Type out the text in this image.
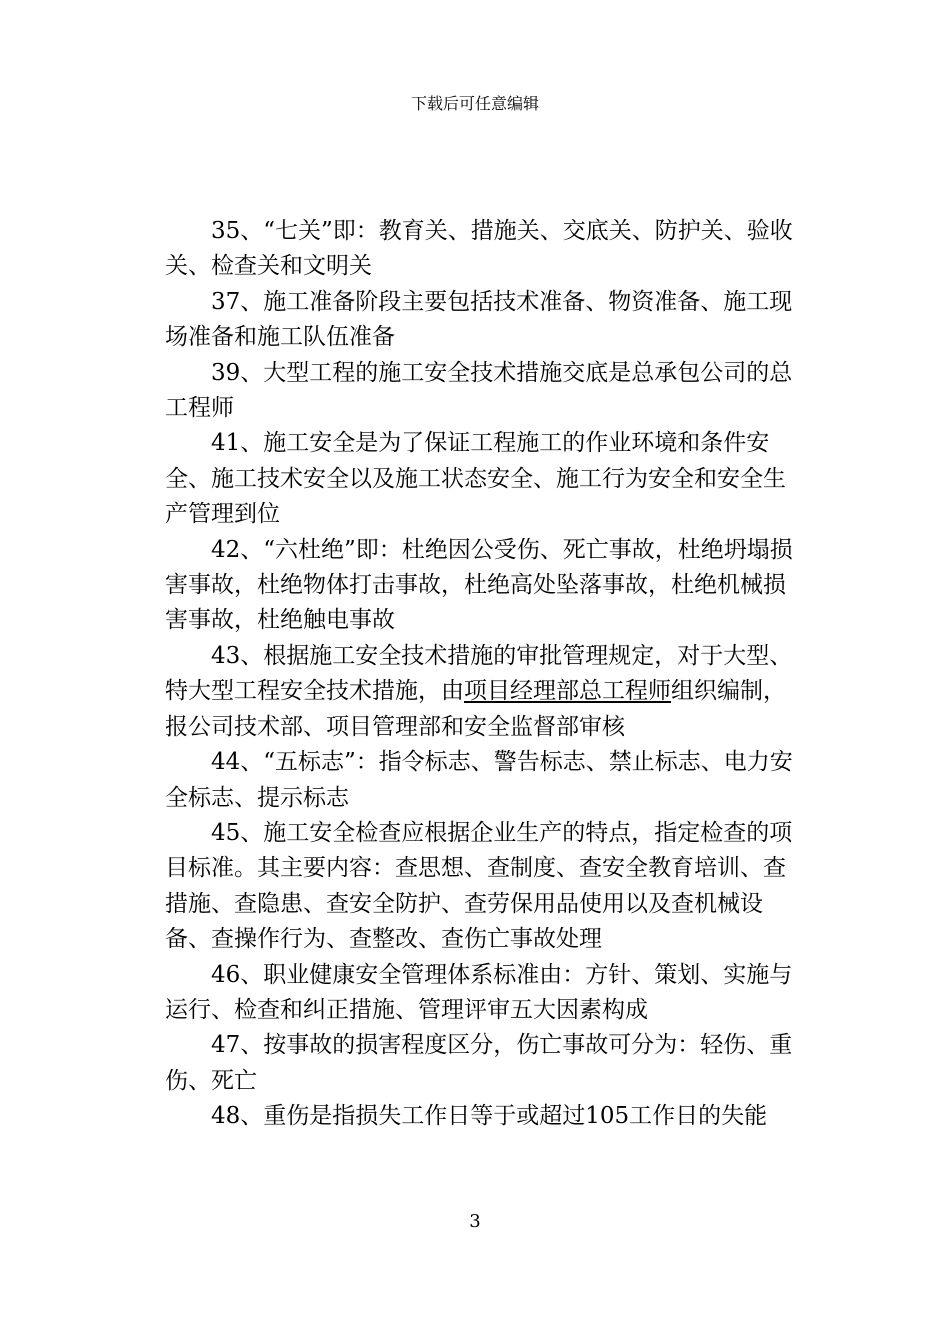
下载后可任意编辑

35、“七关”即：教育关、措施关、交底关、防护关、验收关、检查关和文明关

37、施工准备阶段主要包括技术准备、物资准备、施工现场准备和施工队伍准备

39、大型工程的施工安全技术措施交底是总承包公司的总工程师

41、施工安全是为了保证工程施工的作业环境和条件安全、施工技术安全以及施工状态安全、施工行为安全和安全生产管理到位

42、“六杜绝”即：杜绝因公受伤、死亡事故，杜绝坍塌损害事故，杜绝物体打击事故，杜绝高处坠落事故，杜绝机械损害事故，杜绝触电事故

43、根据施工安全技术措施的审批管理规定，对于大型、特大型工程安全技术措施，由项目经理部总工程师组织编制，报公司技术部、项目管理部和安全监督部审核

44、“五标志”：指令标志、警告标志、禁止标志、电力安全标志、提示标志

45、施工安全检查应根据企业生产的特点，指定检查的项目标准。其主要内容：查思想、查制度、查安全教育培训、查措施、查隐患、查安全防护、查劳保用品使用以及查机械设备、查操作行为、查整改、查伤亡事故处理

46、职业健康安全管理体系标准由：方针、策划、实施与运行、检查和纠正措施、管理评审五大因素构成

47、按事故的损害程度区分，伤亡事故可分为：轻伤、重伤、死亡

48、重伤是指损失工作日等于或超过105工作日的失能

3
